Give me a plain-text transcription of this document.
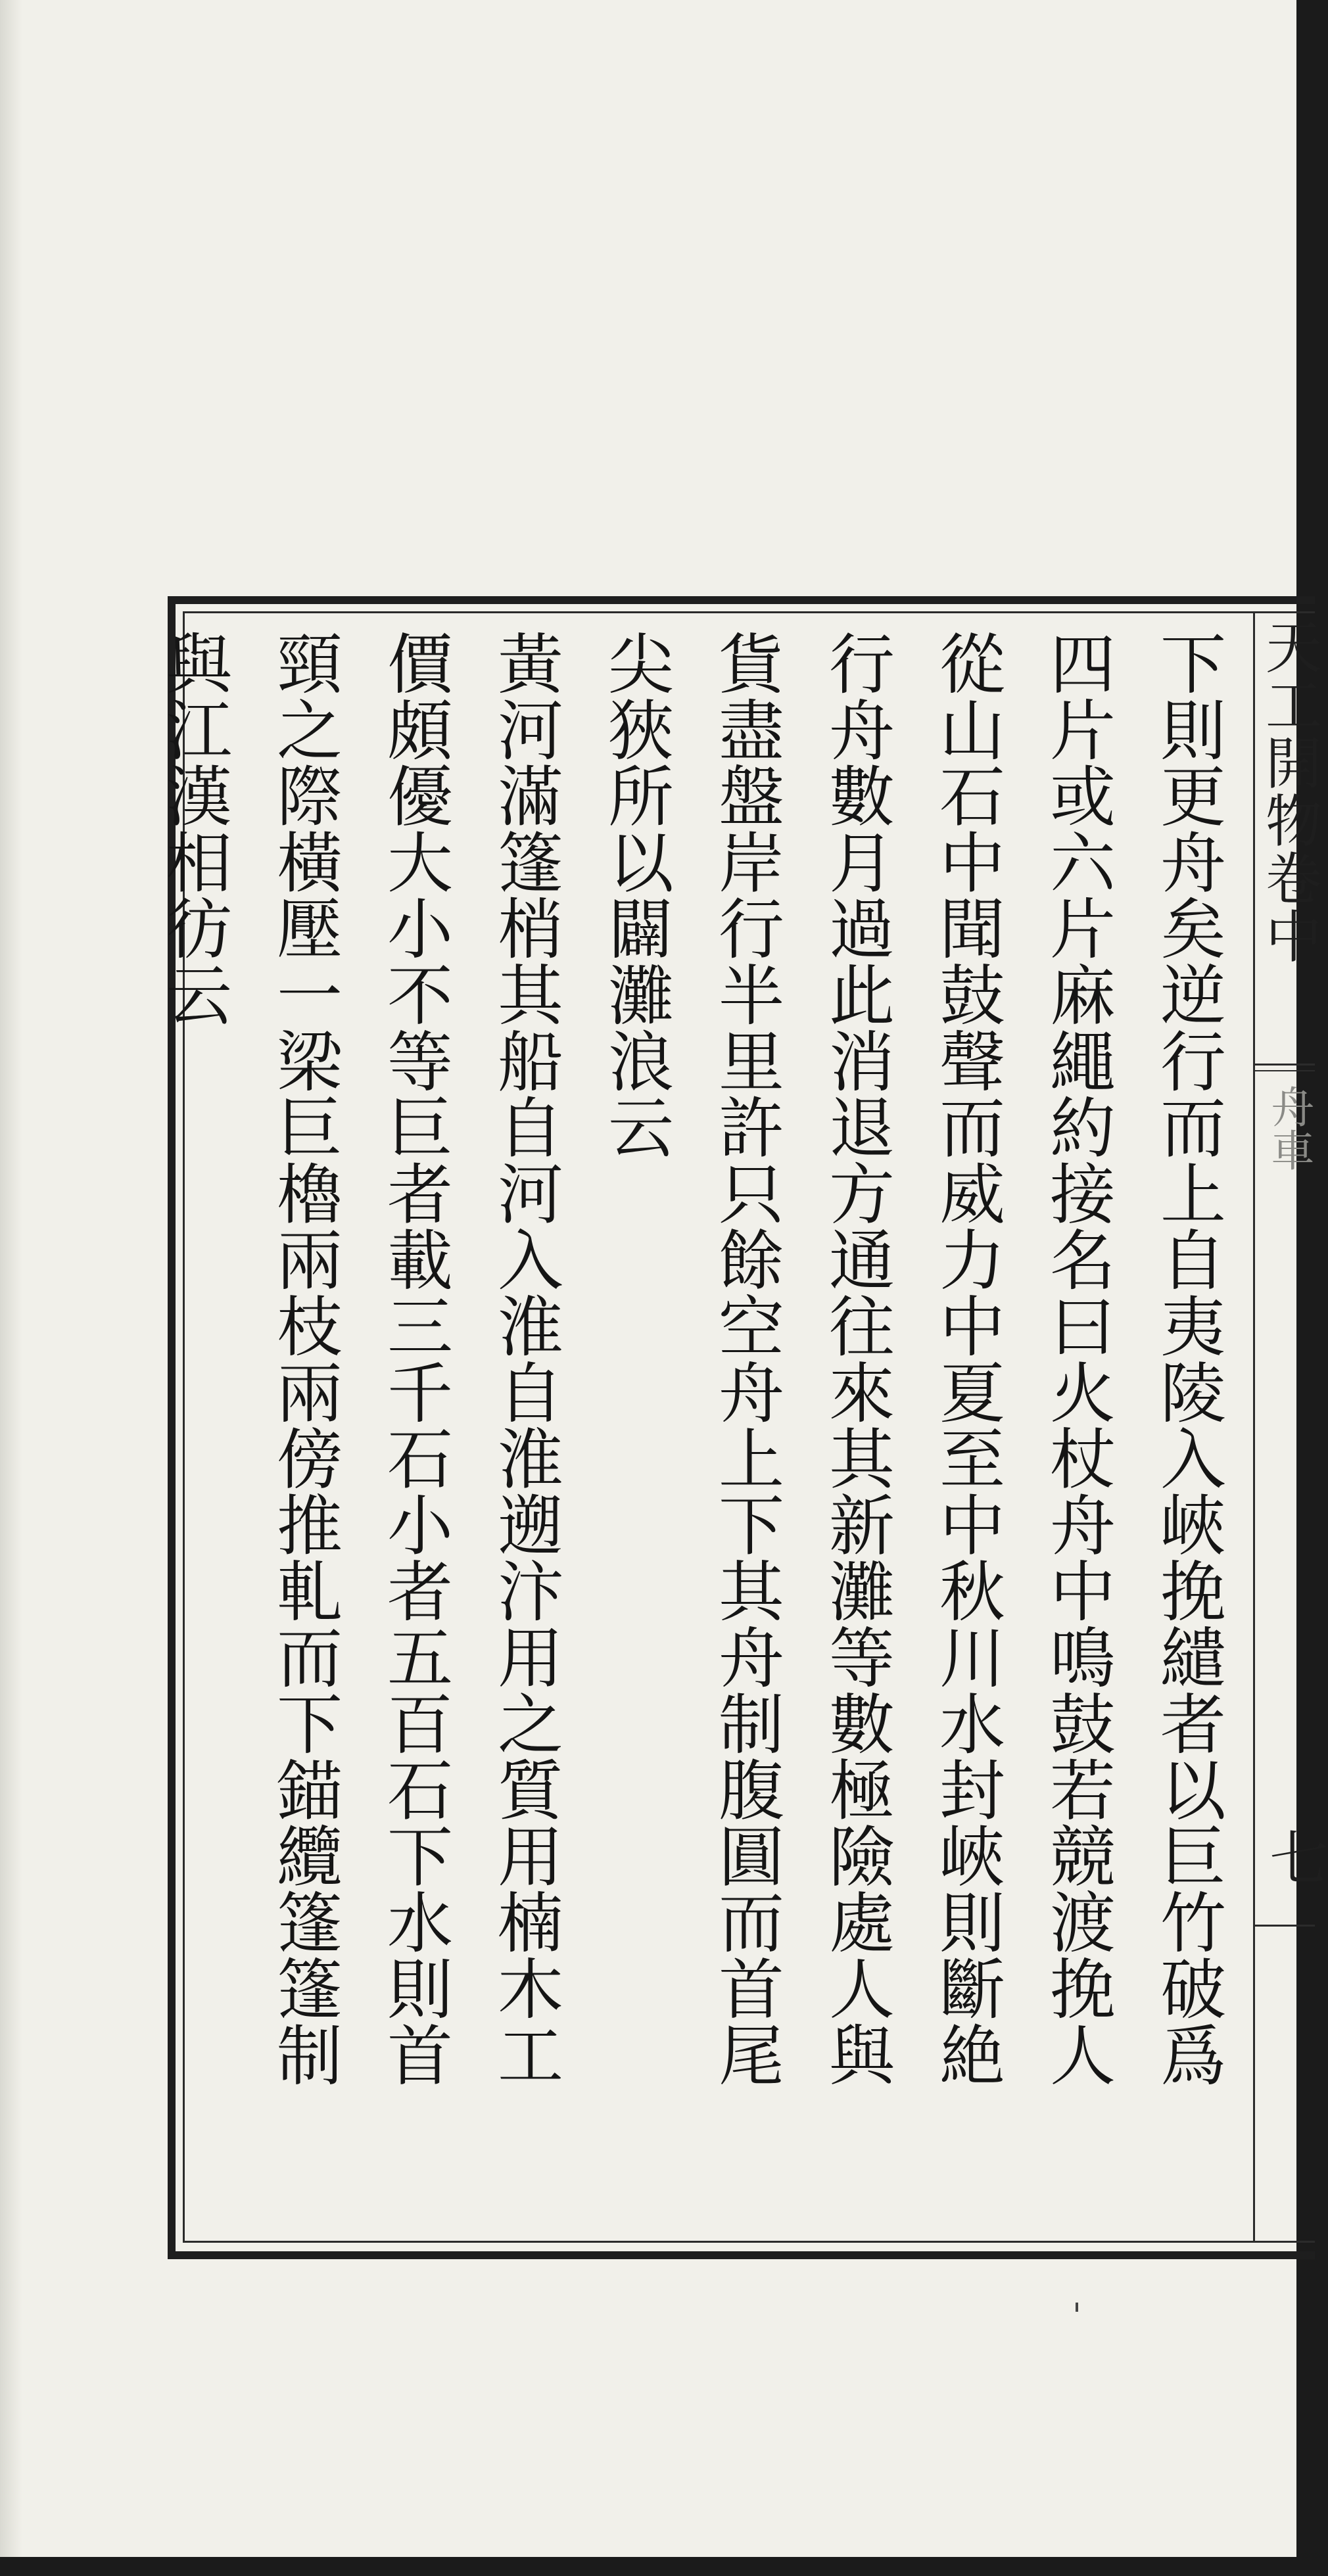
天工開物卷中
舟車
七

下則更舟矣逆行而上自夷陵入峽挽繾者以巨竹破爲

四片或六片麻繩約接名曰火杖舟中鳴鼓若競渡挽人

從山石中聞鼓聲而威力中夏至中秋川水封峽則斷絶

行舟數月過此消退方通往來其新灘等數極險處人與

貨盡盤岸行半里許只餘空舟上下其舟制腹圓而首尾

尖狹所以闢灘浪云

黃河滿篷梢其船自河入淮自淮遡汴用之質用楠木工

價頗優大小不等巨者載三千石小者五百石下水則首

頸之際橫壓一梁巨櫓兩枝兩傍推軋而下錨纜篷篷制

與江漢相彷云
